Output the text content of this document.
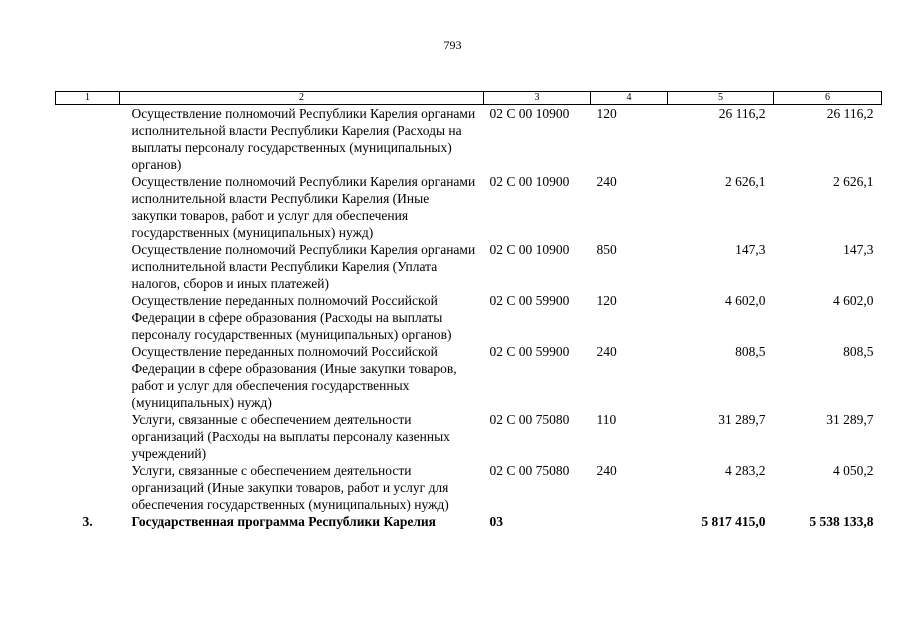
793
1	2	3	4	5	6
	Осуществление полномочий Республики Карелия органами исполнительной власти Республики Карелия (Расходы на выплаты персоналу государственных (муниципальных) органов)	02 С 00 10900	120	26 116,2	26 116,2
	Осуществление полномочий Республики Карелия органами исполнительной власти Республики Карелия (Иные закупки товаров, работ и услуг для обеспечения государственных (муниципальных) нужд)	02 С 00 10900	240	2 626,1	2 626,1
	Осуществление полномочий Республики Карелия органами исполнительной власти Республики Карелия (Уплата налогов, сборов и иных платежей)	02 С 00 10900	850	147,3	147,3
	Осуществление переданных полномочий Российской Федерации в сфере образования (Расходы на выплаты персоналу государственных (муниципальных) органов)	02 С 00 59900	120	4 602,0	4 602,0
	Осуществление переданных полномочий Российской Федерации в сфере образования (Иные закупки товаров, работ и услуг для обеспечения государственных (муниципальных) нужд)	02 С 00 59900	240	808,5	808,5
	Услуги, связанные с обеспечением деятельности организаций (Расходы на выплаты персоналу казенных учреждений)	02 С 00 75080	110	31 289,7	31 289,7
	Услуги, связанные с обеспечением деятельности организаций (Иные закупки товаров, работ и услуг для обеспечения государственных (муниципальных) нужд)	02 С 00 75080	240	4 283,2	4 050,2
3.	Государственная программа Республики Карелия	03		5 817 415,0	5 538 133,8
